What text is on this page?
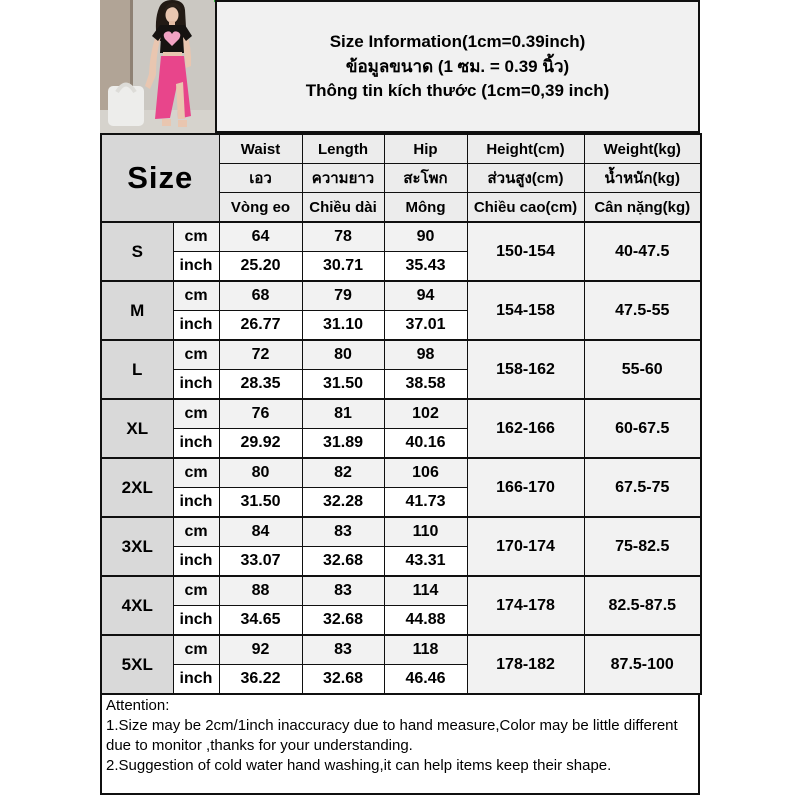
Size Information(1cm=0.39inch)
ข้อมูลขนาด (1 ซม. = 0.39 นิ้ว)
Thông tin kích thước (1cm=0,39 inch)
Size		Waist	Length	Hip	Height(cm)	Weight(kg)
		เอว	ความยาว	สะโพก	ส่วนสูง(cm)	น้ำหนัก(kg)
		Vòng eo	Chiều dài	Mông	Chiều cao(cm)	Cân nặng(kg)
S	cm	64	78	90	150-154	40-47.5
	inch	25.20	30.71	35.43		
M	cm	68	79	94	154-158	47.5-55
	inch	26.77	31.10	37.01		
L	cm	72	80	98	158-162	55-60
	inch	28.35	31.50	38.58		
XL	cm	76	81	102	162-166	60-67.5
	inch	29.92	31.89	40.16		
2XL	cm	80	82	106	166-170	67.5-75
	inch	31.50	32.28	41.73		
3XL	cm	84	83	110	170-174	75-82.5
	inch	33.07	32.68	43.31		
4XL	cm	88	83	114	174-178	82.5-87.5
	inch	34.65	32.68	44.88		
5XL	cm	92	83	118	178-182	87.5-100
	inch	36.22	32.68	46.46		
Attention:
1.Size may be 2cm/1inch inaccuracy due to hand measure,Color may be little different due to monitor ,thanks for your understanding.
2.Suggestion of cold water hand washing,it can help items keep their shape.
